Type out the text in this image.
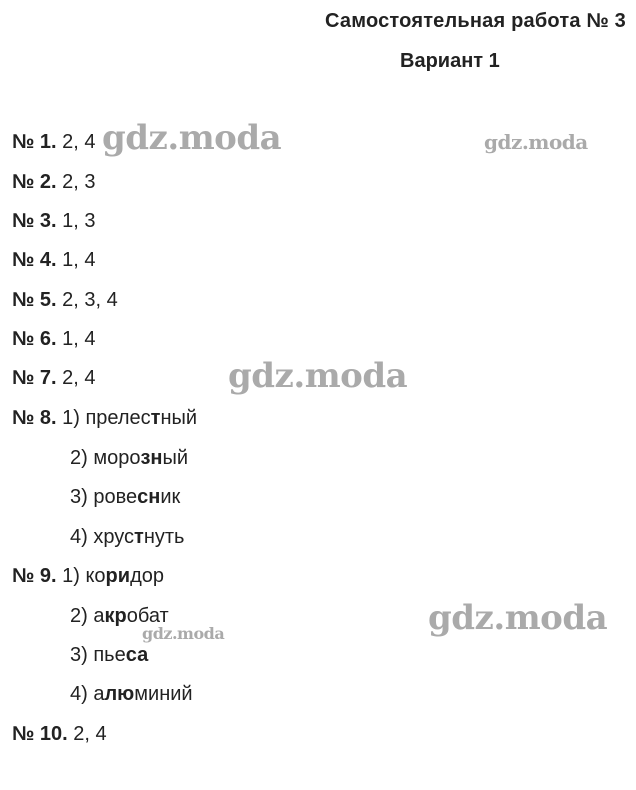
Самостоятельная работа № 3
Вариант 1
№ 1. 2, 4
№ 2. 2, 3
№ 3. 1, 3
№ 4. 1, 4
№ 5. 2, 3, 4
№ 6. 1, 4
№ 7. 2, 4
№ 8. 1) прелестный
2) морозный
3) ровесник
4) хрустнуть
№ 9. 1) коридор
2) акробат
3) пьеса
4) алюминий
№ 10. 2, 4
gdz.moda	gdz.moda
gdz.moda
gdz.moda
gdz.moda
